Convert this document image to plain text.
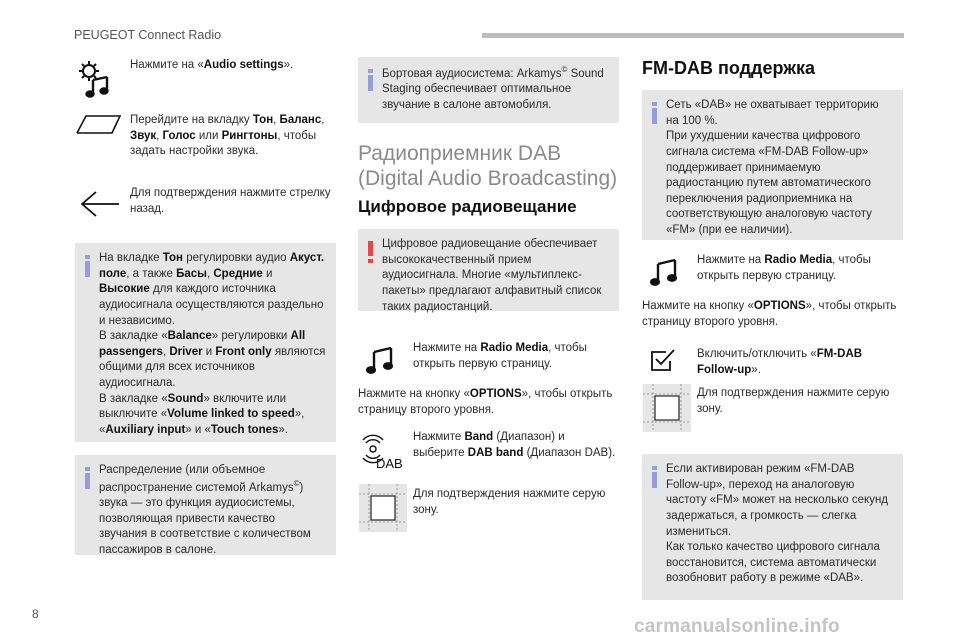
PEUGEOT Connect Radio
Нажмите на «Audio settings».
Перейдите на вкладку Тон, Баланс, Звук, Голос или Рингтоны, чтобы задать настройки звука.
Для подтверждения нажмите стрелку назад.
На вкладке Тон регулировки аудио Акуст. поле, а также Басы, Средние и Высокие для каждого источника аудиосигнала осуществляются раздельно и независимо.
В закладке «Balance» регулировки All passengers, Driver и Front only являются общими для всех источников аудиосигнала.
В закладке «Sound» включите или выключите «Volume linked to speed», «Auxiliary input» и «Touch tones».
Распределение (или объемное распространение системой Arkamys©) звука — это функция аудиосистемы, позволяющая привести качество звучания в соответствие с количеством пассажиров в салоне.
Бортовая аудиосистема: Arkamys© Sound Staging обеспечивает оптимальное звучание в салоне автомобиля.
Радиоприемник DAB (Digital Audio Broadcasting)
Цифровое радиовещание
Цифровое радиовещание обеспечивает высококачественный прием аудиосигнала. Многие «мультиплекс-пакеты» предлагают алфавитный список таких радиостанций.
Нажмите на Radio Media, чтобы открыть первую страницу.
Нажмите на кнопку «OPTIONS», чтобы открыть страницу второго уровня.
DAB
Нажмите Band (Диапазон) и выберите DAB band (Диапазон DAB).
Для подтверждения нажмите серую зону.
FM-DAB поддержка
Сеть «DAB» не охватывает территорию на 100 %.
При ухудшении качества цифрового сигнала система «FM-DAB Follow-up» поддерживает принимаемую радиостанцию путем автоматического переключения радиоприемника на соответствующую аналоговую частоту «FM» (при ее наличии).
Нажмите на Radio Media, чтобы открыть первую страницу.
Нажмите на кнопку «OPTIONS», чтобы открыть страницу второго уровня.
Включить/отключить «FM-DAB Follow-up».
Для подтверждения нажмите серую зону.
Если активирован режим «FM-DAB Follow-up», переход на аналоговую частоту «FM» может на несколько секунд задержаться, а громкость — слегка измениться.
Как только качество цифрового сигнала восстановится, система автоматически возобновит работу в режиме «DAB».
8
carmanualsonline.info
